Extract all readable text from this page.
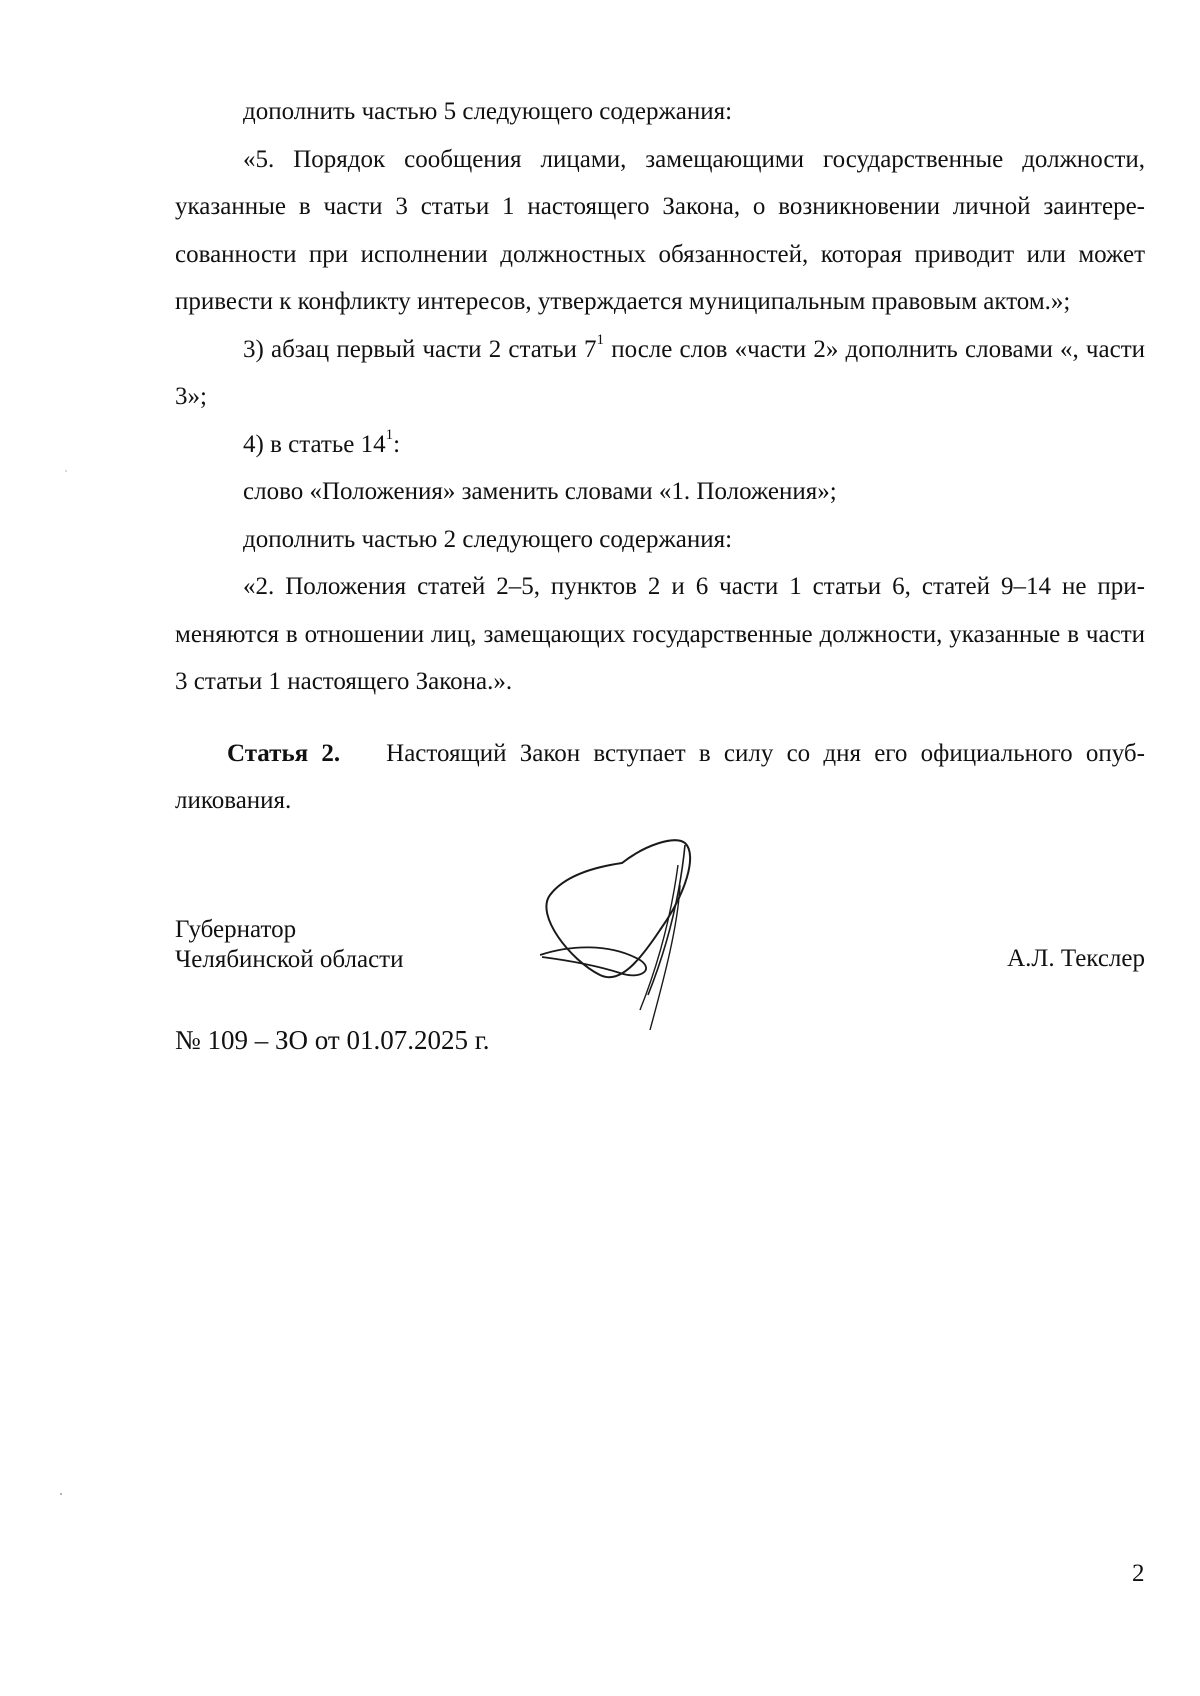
дополнить частью 5 следующего содержания:

«5. Порядок сообщения лицами, замещающими государственные должности, указанные в части 3 статьи 1 настоящего Закона, о возникновении личной заинтересованности при исполнении должностных обязанностей, которая приводит или может привести к конфликту интересов, утверждается муниципальным правовым актом.»;

3) абзац первый части 2 статьи $7^1$ после слов «части 2» дополнить словами «, части 3»;

4) в статье $14^1$:

слово «Положения» заменить словами «1. Положения»;

дополнить частью 2 следующего содержания:

«2. Положения статей 2–5, пунктов 2 и 6 части 1 статьи 6, статей 9–14 не применяются в отношении лиц, замещающих государственные должности, указанные в части 3 статьи 1 настоящего Закона.».

Статья 2. Настоящий Закон вступает в силу со дня его официального опубликования.
Губернатор
Челябинской области	А.Л. Текслер
№ 109 – ЗО от 01.07.2025 г.
2
